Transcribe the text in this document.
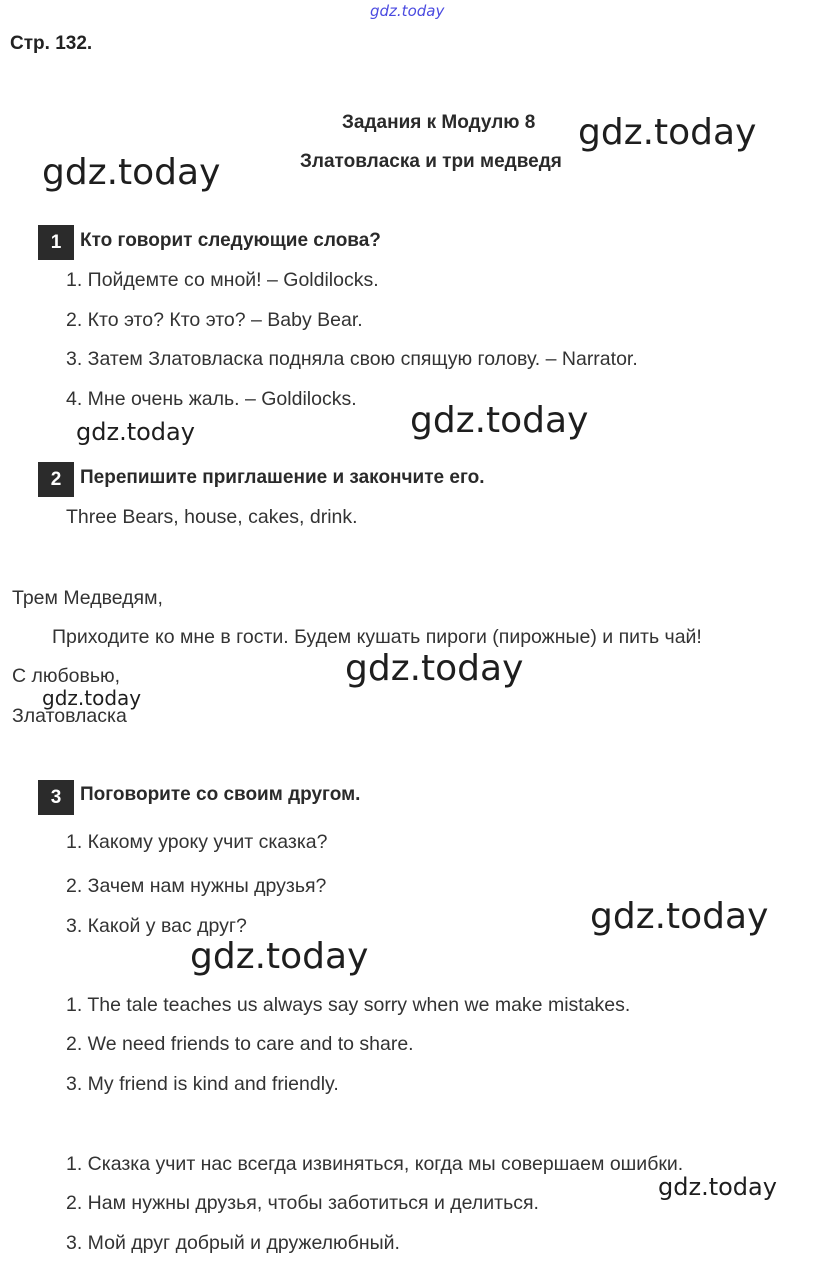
gdz.today
gdz.today
gdz.today
gdz.today
gdz.today
gdz.today
gdz.today
gdz.today
gdz.today
gdz.today
Стр. 132.
Задания к Модулю 8
Златовласка и три медведя
1 Кто говорит следующие слова?
1. Пойдемте со мной! – Goldilocks.
2. Кто это? Кто это? – Baby Bear.
3. Затем Златовласка подняла свою спящую голову. – Narrator.
4. Мне очень жаль. – Goldilocks.
2 Перепишите приглашение и закончите его.
Three Bears, house, cakes, drink.
Трем Медведям,
Приходите ко мне в гости. Будем кушать пироги (пирожные) и пить чай!
С любовью,
Златовласка
3 Поговорите со своим другом.
1. Какому уроку учит сказка?
2. Зачем нам нужны друзья?
3. Какой у вас друг?
1. The tale teaches us always say sorry when we make mistakes.
2. We need friends to care and to share.
3. My friend is kind and friendly.
1. Сказка учит нас всегда извиняться, когда мы совершаем ошибки.
2. Нам нужны друзья, чтобы заботиться и делиться.
3. Мой друг добрый и дружелюбный.
